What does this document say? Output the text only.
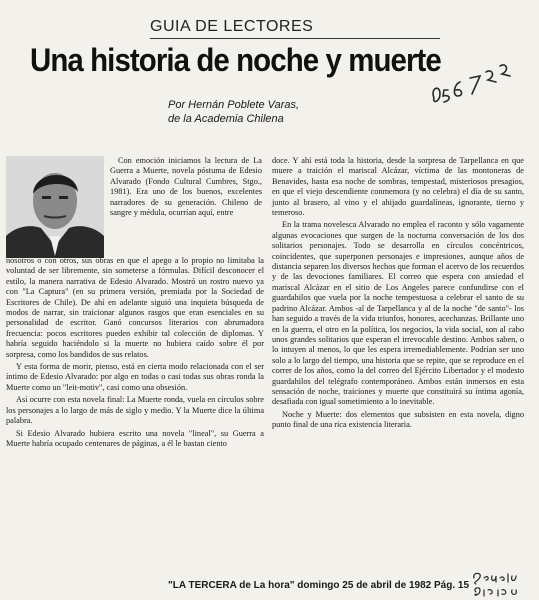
GUIA DE LECTORES
Una historia de noche y muerte
Por Hernán Poblete Varas,
de la Academia Chilena

Con emoción iniciamos la lectura de La Guerra a Muerte, novela póstuma de Edesio Alvarado (Fondo Cultural Cumbres, Stgo., 1981). Era uno de los buenos, excelentes narradores de su generación. Chileno de sangre y médula, ocurrían aquí, entre

nosotros o con otros, sus obras en que el apego a lo propio no limitaba la voluntad de ser libremente, sin someterse a fórmulas. Difícil desconocer el estilo, la manera narrativa de Edesio Alvarado. Mostró un rostro nuevo ya con "La Captura" (en su primera versión, premiada por la Sociedad de Escritores de Chile). De ahí en adelante siguió una inquieta búsqueda de modos de narrar, sin traicionar algunos rasgos que eran esenciales en su personalidad de escritor. Ganó concursos literarios con abrumadora frecuencia: pocos escritores pueden exhibir tal colección de diplomas. Y habría seguido haciéndolo si la muerte no hubiera caído sobre él por sorpresa, como los bandidos de sus relatos.

Y esta forma de morir, pienso, está en cierta modo relacionada con el ser íntimo de Edesio Alvarado: por algo en todas o casi todas sus obras ronda la Muerte como un "leit-motiv", casi como una obsesión.

Así ocurre con esta novela final: La Muerte ronda, vuela en círculos sobre los personajes a lo largo de más de siglo y medio. Y la Muerte dice la última palabra.

Si Edesio Alvarado hubiera escrito una novela "lineal", su Guerra a Muerte habría ocupado centenares de páginas, a él le bastan ciento

doce. Y ahí está toda la historia, desde la sorpresa de Tarpellanca en que muere a traición el mariscal Alcázar, víctima de las montoneras de Benavides, hasta esa noche de sombras, tempestad, misteriosos presagios, en que el viejo descendiente conmemora (y no celebra) el día de su santo, junto al brasero, al vino y el ahijado guardalíneas, ignorante, tierno y temeroso.

En la trama novelesca Alvarado no emplea el raconto y sólo vagamente algunas evocaciones que surgen de la nocturna conversación de los dos solitarios personajes. Todo se desarrolla en círculos concéntricos, coincidentes, que superponen personajes e impresiones, aunque años de distancia separen los diversos hechos que forman el acervo de los recuerdos y de las devociones familiares. El correo que espera con ansiedad el mariscal Alcázar en el sitio de Los Angeles parece confundirse con el guardahilos que vuela por la noche tempestuosa a celebrar el santo de su padrino Alcázar. Ambos -al de Tarpellanca y al de la noche "de santo"- los han seguido a través de la vida triunfos, honores, acechanzas. Brillante uno en la guerra, el otro en la política, los negocios, la vida social, son al cabo unos grandes solitarios que esperan el irrevocable destino. Ambos saben, o lo intuyen al menos, lo que les espera irremediablemente. Podrían ser uno solo a lo largo del tiempo, una historia que se repite, que se reproduce en el correr de los años, como la del correo del Ejército Libertador y el modesto guardahilos del telégrafo contemporáneo. Ambos están inmersos en esta sensación de noche, traiciones y muerte que constituirá su íntima agonía, desafiada con igual sometimiento a lo inevitable.

Noche y Muerte: dos elementos que subsisten en esta novela, digno punto final de una rica existencia literaria.

"LA TERCERA de La hora" domingo 25 de abril de 1982 Pág. 15
